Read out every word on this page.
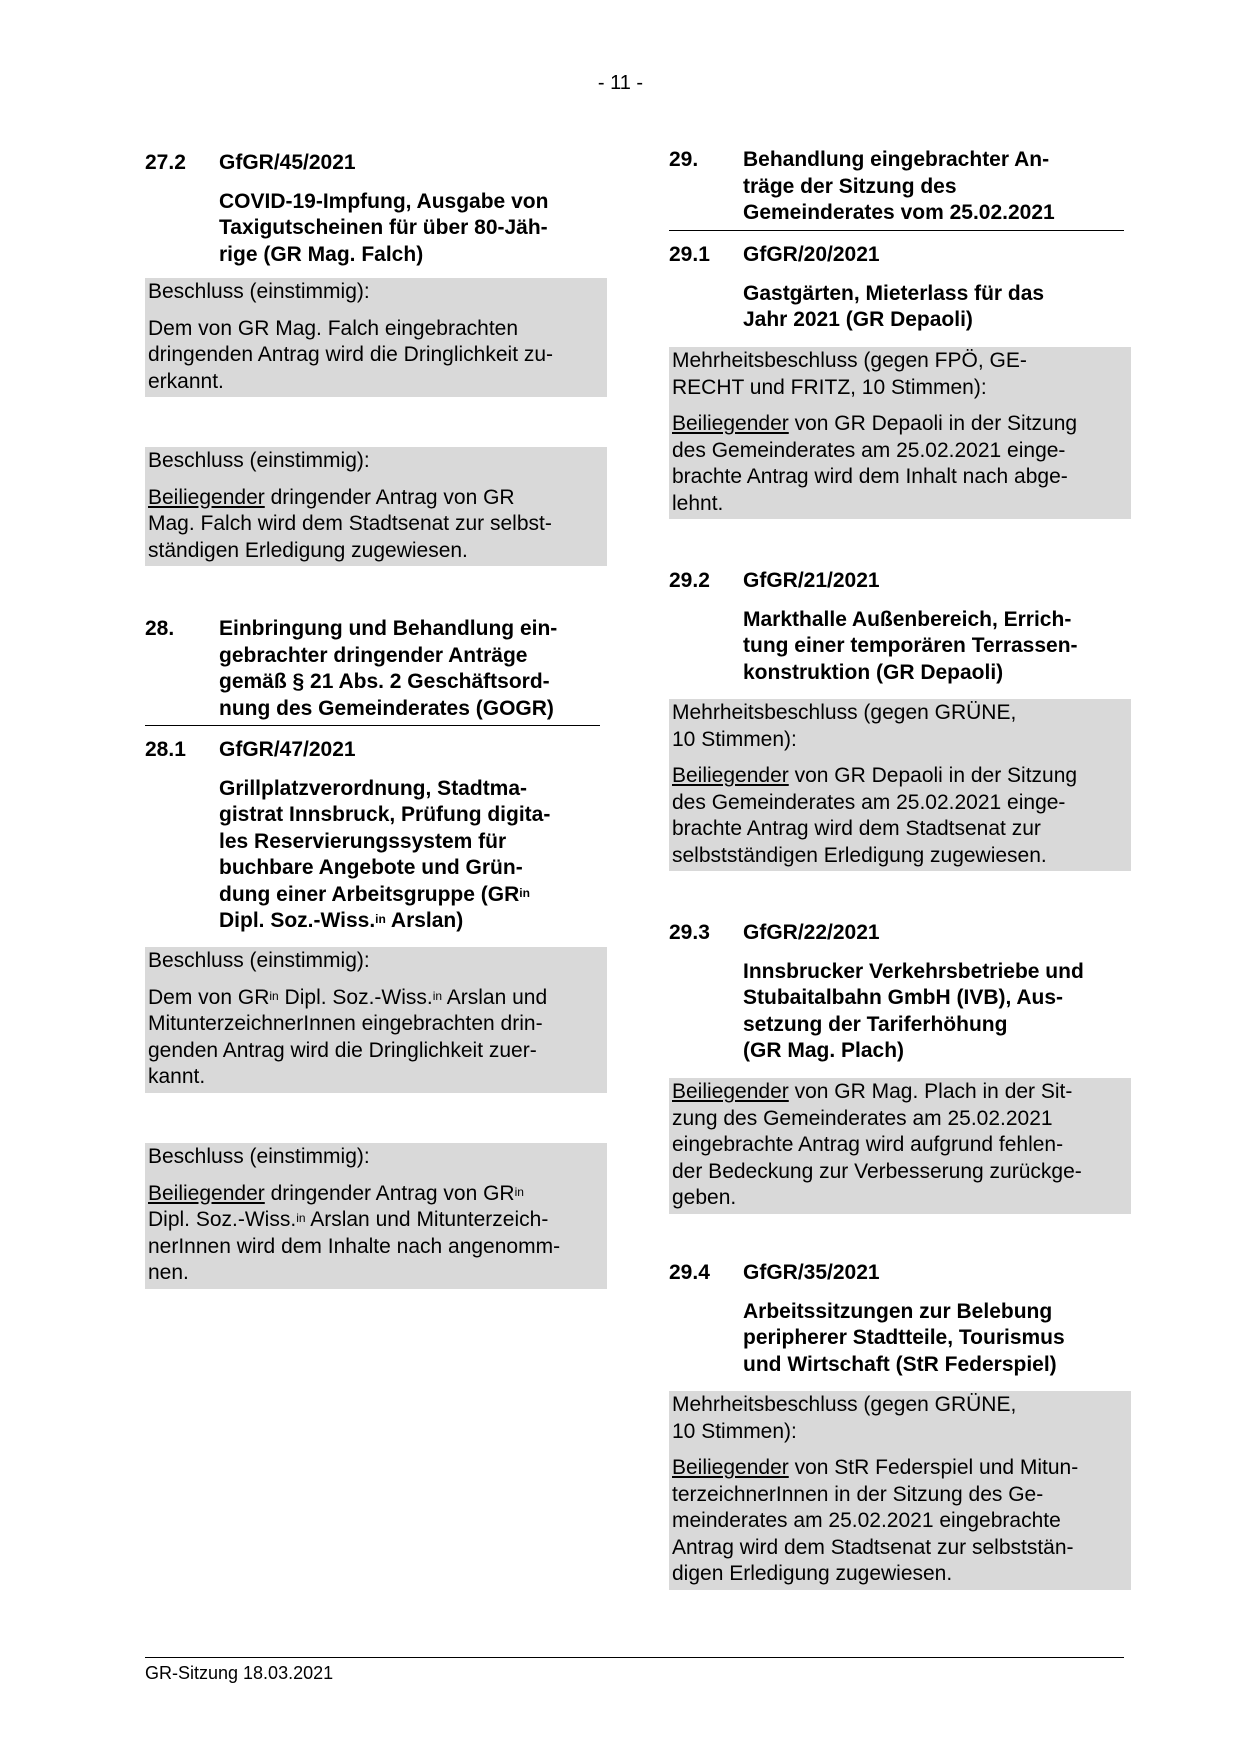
- 11 -
27.2	GfGR/45/2021
COVID-19-Impfung, Ausgabe von
Taxigutscheinen für über 80-Jäh-
rige (GR Mag. Falch)
Beschluss (einstimmig):
Dem von GR Mag. Falch eingebrachten
dringenden Antrag wird die Dringlichkeit zu-
erkannt.
Beschluss (einstimmig):
Beiliegender dringender Antrag von GR
Mag. Falch wird dem Stadtsenat zur selbst-
ständigen Erledigung zugewiesen.
28.	Einbringung und Behandlung ein-
gebrachter dringender Anträge
gemäß § 21 Abs. 2 Geschäftsord-
nung des Gemeinderates (GOGR)
28.1	GfGR/47/2021
Grillplatzverordnung, Stadtma-
gistrat Innsbruck, Prüfung digita-
les Reservierungssystem für
buchbare Angebote und Grün-
dung einer Arbeitsgruppe ($GR^{in}$
Dipl. Soz.-Wiss.$^{in}$ Arslan)
Beschluss (einstimmig):
Dem von $GR^{in}$ Dipl. Soz.-Wiss.$^{in}$ Arslan und
MitunterzeichnerInnen eingebrachten drin-
genden Antrag wird die Dringlichkeit zuer-
kannt.
Beschluss (einstimmig):
Beiliegender dringender Antrag von $GR^{in}$
Dipl. Soz.-Wiss.$^{in}$ Arslan und Mitunterzeich-
nerInnen wird dem Inhalte nach angenomm-
nen.
29.	Behandlung eingebrachter An-
träge der Sitzung des
Gemeinderates vom 25.02.2021
29.1	GfGR/20/2021
Gastgärten, Mieterlass für das
Jahr 2021 (GR Depaoli)
Mehrheitsbeschluss (gegen FPÖ, GE-
RECHT und FRITZ, 10 Stimmen):
Beiliegender von GR Depaoli in der Sitzung
des Gemeinderates am 25.02.2021 einge-
brachte Antrag wird dem Inhalt nach abge-
lehnt.
29.2	GfGR/21/2021
Markthalle Außenbereich, Errich-
tung einer temporären Terrassen-
konstruktion (GR Depaoli)
Mehrheitsbeschluss (gegen GRÜNE,
10 Stimmen):
Beiliegender von GR Depaoli in der Sitzung
des Gemeinderates am 25.02.2021 einge-
brachte Antrag wird dem Stadtsenat zur
selbstständigen Erledigung zugewiesen.
29.3	GfGR/22/2021
Innsbrucker Verkehrsbetriebe und
Stubaitalbahn GmbH (IVB), Aus-
setzung der Tariferhöhung
(GR Mag. Plach)
Beiliegender von GR Mag. Plach in der Sit-
zung des Gemeinderates am 25.02.2021
eingebrachte Antrag wird aufgrund fehlen-
der Bedeckung zur Verbesserung zurückge-
geben.
29.4	GfGR/35/2021
Arbeitssitzungen zur Belebung
peripherer Stadtteile, Tourismus
und Wirtschaft (StR Federspiel)
Mehrheitsbeschluss (gegen GRÜNE,
10 Stimmen):
Beiliegender von StR Federspiel und Mitun-
terzeichnerInnen in der Sitzung des Ge-
meinderates am 25.02.2021 eingebrachte
Antrag wird dem Stadtsenat zur selbststän-
digen Erledigung zugewiesen.
GR-Sitzung 18.03.2021
